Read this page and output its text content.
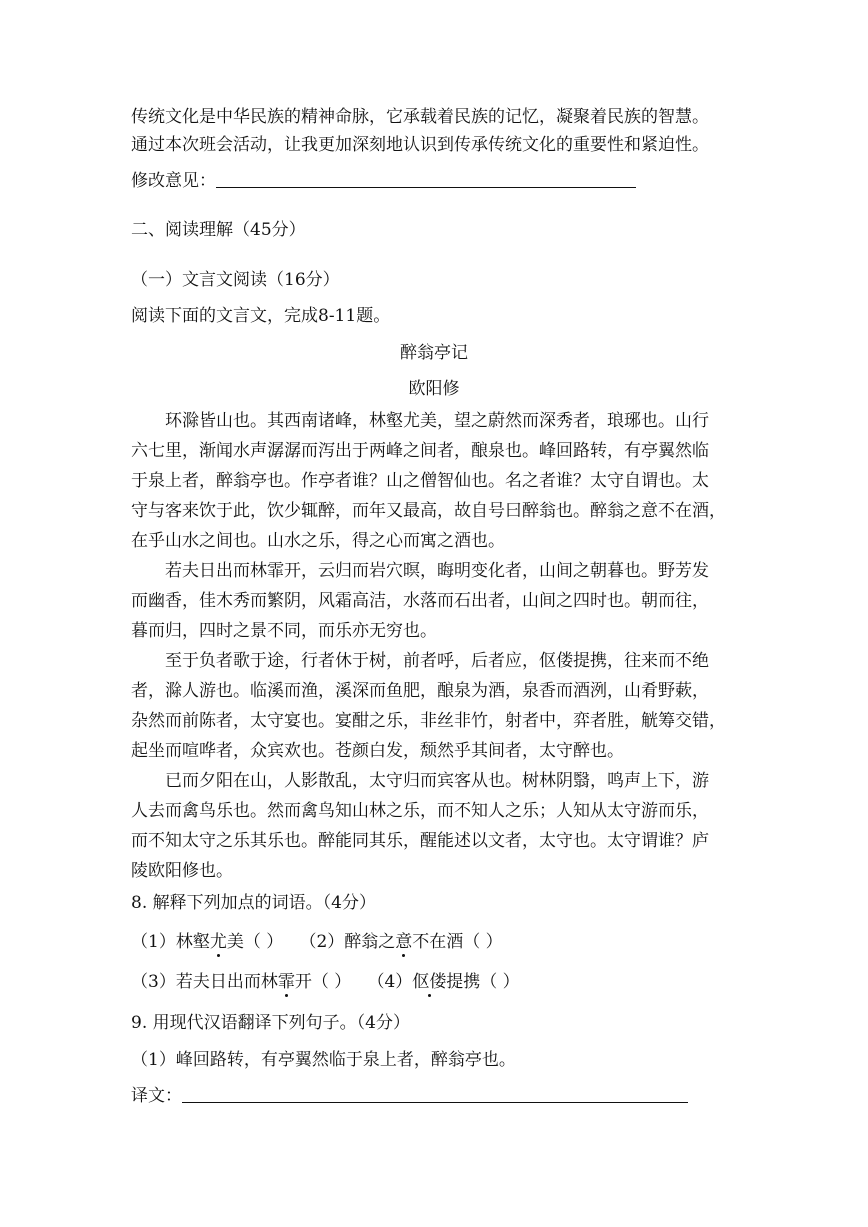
传统文化是中华民族的精神命脉，它承载着民族的记忆，凝聚着民族的智慧。
通过本次班会活动，让我更加深刻地认识到传承传统文化的重要性和紧迫性。
修改意见：
二、阅读理解（45分）
（一）文言文阅读（16分）
阅读下面的文言文，完成8-11题。
醉翁亭记
欧阳修
环滁皆山也。其西南诸峰，林壑尤美，望之蔚然而深秀者，琅琊也。山行
六七里，渐闻水声潺潺而泻出于两峰之间者，酿泉也。峰回路转，有亭翼然临
于泉上者，醉翁亭也。作亭者谁？山之僧智仙也。名之者谁？太守自谓也。太
守与客来饮于此，饮少辄醉，而年又最高，故自号曰醉翁也。醉翁之意不在酒，
在乎山水之间也。山水之乐，得之心而寓之酒也。
若夫日出而林霏开，云归而岩穴暝，晦明变化者，山间之朝暮也。野芳发
而幽香，佳木秀而繁阴，风霜高洁，水落而石出者，山间之四时也。朝而往，
暮而归，四时之景不同，而乐亦无穷也。
至于负者歌于途，行者休于树，前者呼，后者应，伛偻提携，往来而不绝
者，滁人游也。临溪而渔，溪深而鱼肥，酿泉为酒，泉香而酒洌，山肴野蔌，
杂然而前陈者，太守宴也。宴酣之乐，非丝非竹，射者中，弈者胜，觥筹交错，
起坐而喧哗者，众宾欢也。苍颜白发，颓然乎其间者，太守醉也。
已而夕阳在山，人影散乱，太守归而宾客从也。树林阴翳，鸣声上下，游
人去而禽鸟乐也。然而禽鸟知山林之乐，而不知人之乐；人知从太守游而乐，
而不知太守之乐其乐也。醉能同其乐，醒能述以文者，太守也。太守谓谁？庐
陵欧阳修也。
8. 解释下列加点的词语。（4分）
（1）林壑尤美（ ） （2）醉翁之意不在酒（ ）
（3）若夫日出而林霏开（ ） （4）伛偻提携（ ）
9. 用现代汉语翻译下列句子。（4分）
（1）峰回路转，有亭翼然临于泉上者，醉翁亭也。
译文：
